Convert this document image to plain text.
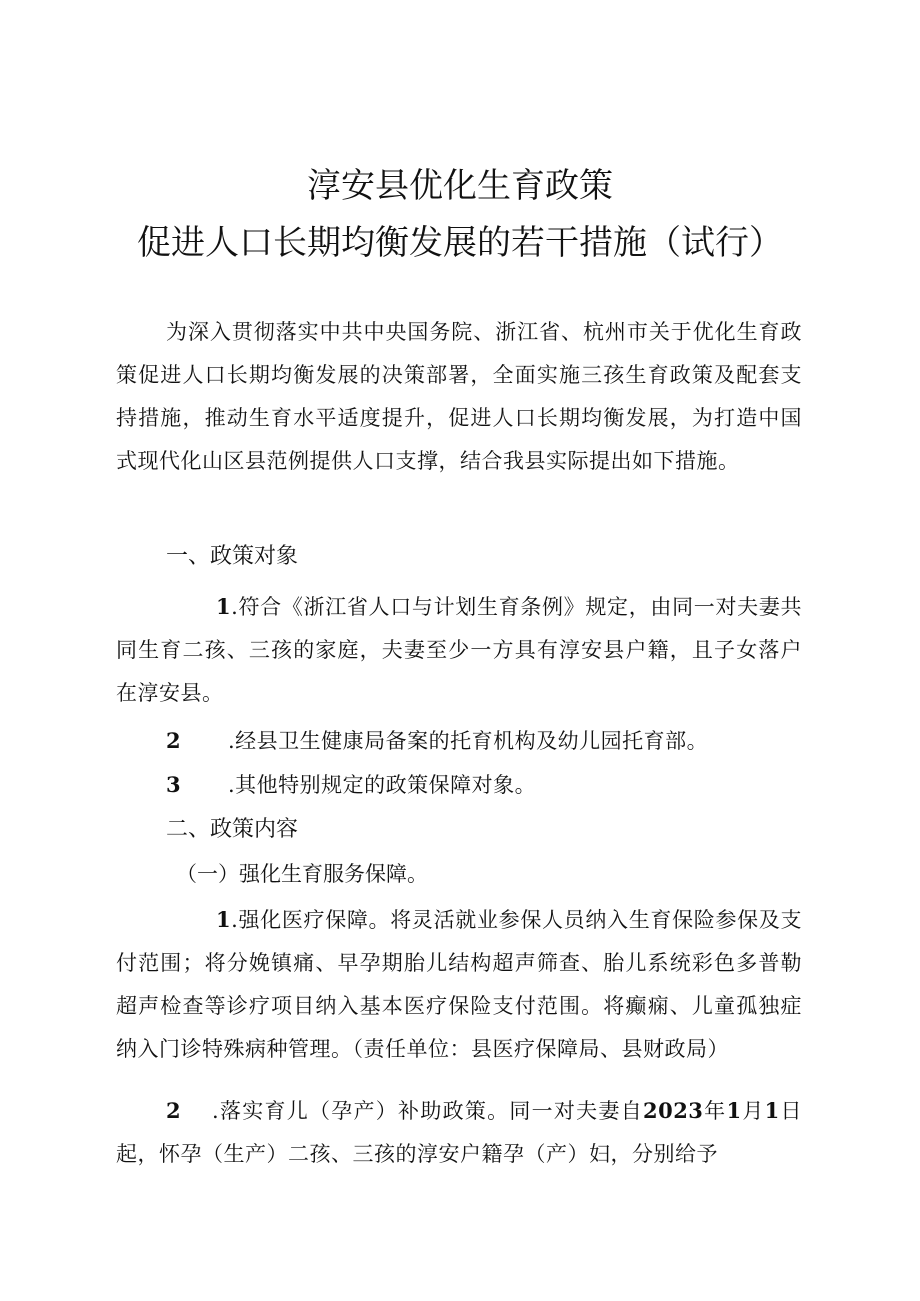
淳安县优化生育政策
促进人口长期均衡发展的若干措施（试行）

为深入贯彻落实中共中央国务院、浙江省、杭州市关于优化生育政策促进人口长期均衡发展的决策部署，全面实施三孩生育政策及配套支持措施，推动生育水平适度提升，促进人口长期均衡发展，为打造中国式现代化山区县范例提供人口支撑，结合我县实际提出如下措施。

一、政策对象

1.符合《浙江省人口与计划生育条例》规定，由同一对夫妻共同生育二孩、三孩的家庭，夫妻至少一方具有淳安县户籍，且子女落户在淳安县。

2 .经县卫生健康局备案的托育机构及幼儿园托育部。

3 .其他特别规定的政策保障对象。

二、政策内容

（一）强化生育服务保障。

1.强化医疗保障。将灵活就业参保人员纳入生育保险参保及支付范围；将分娩镇痛、早孕期胎儿结构超声筛查、胎儿系统彩色多普勒超声检查等诊疗项目纳入基本医疗保险支付范围。将癫痫、儿童孤独症纳入门诊特殊病种管理。（责任单位：县医疗保障局、县财政局）

2 .落实育儿（孕产）补助政策。同一对夫妻自2023年1月1日起，怀孕（生产）二孩、三孩的淳安户籍孕（产）妇，分别给予
